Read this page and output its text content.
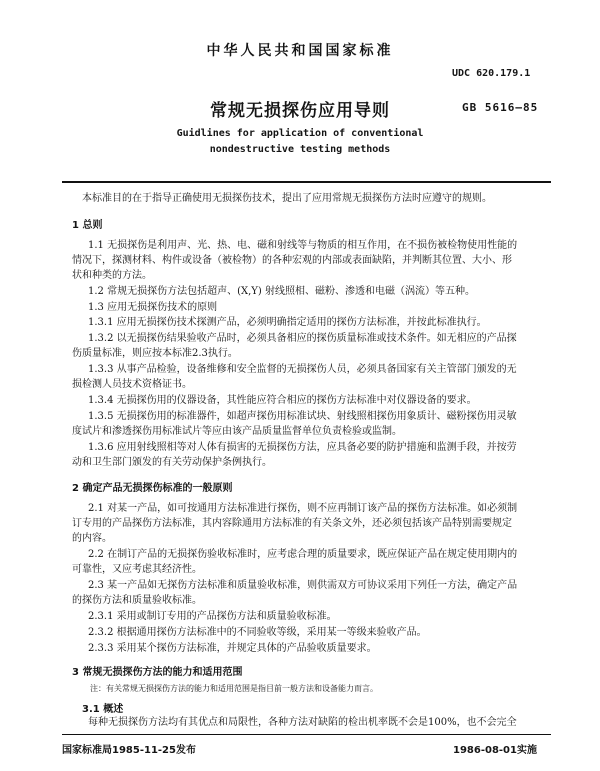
中华人民共和国国家标准
UDC 620.179.1
常规无损探伤应用导则	GB 5616—85
Guidlines for application of conventional
nondestructive testing methods
本标准目的在于指导正确使用无损探伤技术，提出了应用常规无损探伤方法时应遵守的规则。
1 总则
1.1 无损探伤是利用声、光、热、电、磁和射线等与物质的相互作用，在不损伤被检物使用性能的
情况下，探测材料、构件或设备（被检物）的各种宏观的内部或表面缺陷，并判断其位置、大小、形
状和种类的方法。
1.2 常规无损探伤方法包括超声、(X,Y) 射线照相、磁粉、渗透和电磁（涡流）等五种。
1.3 应用无损探伤技术的原则
1.3.1 应用无损探伤技术探测产品，必须明确指定适用的探伤方法标准，并按此标准执行。
1.3.2 以无损探伤结果验收产品时，必须具备相应的探伤质量标准或技术条件。如无相应的产品探
伤质量标准，则应按本标准2.3执行。
1.3.3 从事产品检验，设备维修和安全监督的无损探伤人员，必须具备国家有关主管部门颁发的无
损检测人员技术资格证书。
1.3.4 无损探伤用的仪器设备，其性能应符合相应的探伤方法标准中对仪器设备的要求。
1.3.5 无损探伤用的标准器件，如超声探伤用标准试块、射线照相探伤用象质计、磁粉探伤用灵敏
度试片和渗透探伤用标准试片等应由该产品质量监督单位负责检验或监制。
1.3.6 应用射线照相等对人体有损害的无损探伤方法，应具备必要的防护措施和监测手段，并按劳
动和卫生部门颁发的有关劳动保护条例执行。
2 确定产品无损探伤标准的一般原则
2.1 对某一产品，如可按通用方法标准进行探伤，则不应再制订该产品的探伤方法标准。如必须制
订专用的产品探伤方法标准，其内容除通用方法标准的有关条文外，还必须包括该产品特别需要规定
的内容。
2.2 在制订产品的无损探伤验收标准时，应考虑合理的质量要求，既应保证产品在规定使用期内的
可靠性，又应考虑其经济性。
2.3 某一产品如无探伤方法标准和质量验收标准，则供需双方可协议采用下列任一方法，确定产品
的探伤方法和质量验收标准。
2.3.1 采用或制订专用的产品探伤方法和质量验收标准。
2.3.2 根据通用探伤方法标准中的不同验收等级，采用某一等级来验收产品。
2.3.3 采用某个探伤方法标准，并规定具体的产品验收质量要求。
3 常规无损探伤方法的能力和适用范围
注：有关常规无损探伤方法的能力和适用范围是指目前一般方法和设备能力而言。
3.1 概述
每种无损探伤方法均有其优点和局限性，各种方法对缺陷的检出机率既不会是100%，也不会完全
国家标准局1985-11-25发布	1986-08-01实施
